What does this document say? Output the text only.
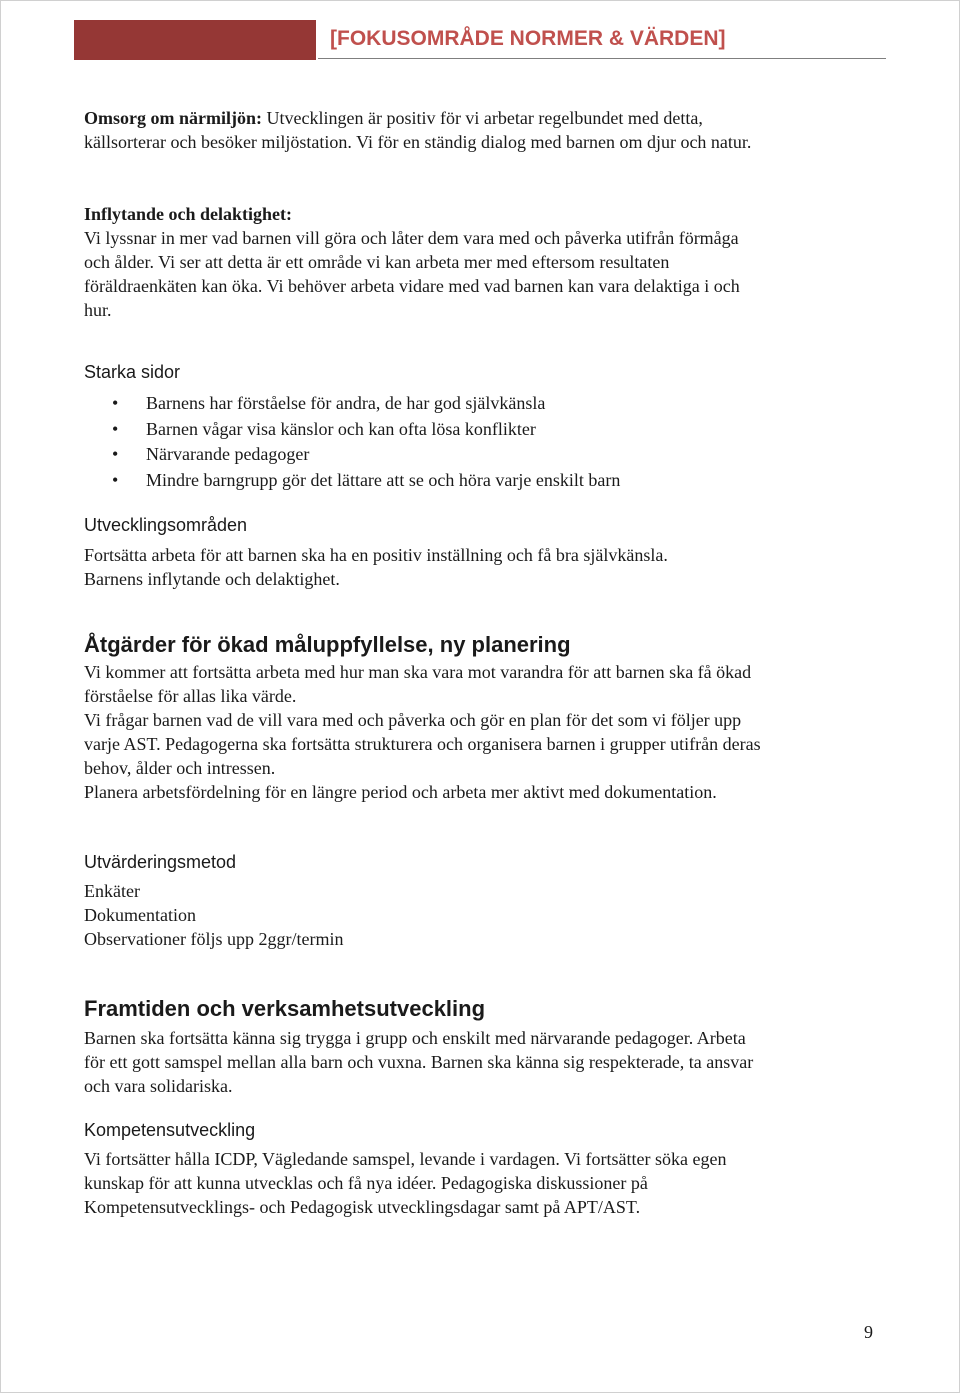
[FOKUSOMRÅDE NORMER & VÄRDEN]

Omsorg om närmiljön: Utvecklingen är positiv för vi arbetar regelbundet med detta,

källsorterar och besöker miljöstation. Vi för en ständig dialog med barnen om djur och natur.

Inflytande och delaktighet:

Vi lyssnar in mer vad barnen vill göra och låter dem vara med och påverka utifrån förmåga

och ålder. Vi ser att detta är ett område vi kan arbeta mer med eftersom resultaten

föräldraenkäten kan öka. Vi behöver arbeta vidare med vad barnen kan vara delaktiga i och

hur.

Starka sidor
• Barnens har förståelse för andra, de har god självkänsla
• Barnen vågar visa känslor och kan ofta lösa konflikter
• Närvarande pedagoger
• Mindre barngrupp gör det lättare att se och höra varje enskilt barn
Utvecklingsområden

Fortsätta arbeta för att barnen ska ha en positiv inställning och få bra självkänsla.

Barnens inflytande och delaktighet.

Åtgärder för ökad måluppfyllelse, ny planering

Vi kommer att fortsätta arbeta med hur man ska vara mot varandra för att barnen ska få ökad

förståelse för allas lika värde.

Vi frågar barnen vad de vill vara med och påverka och gör en plan för det som vi följer upp

varje AST. Pedagogerna ska fortsätta strukturera och organisera barnen i grupper utifrån deras

behov, ålder och intressen.

Planera arbetsfördelning för en längre period och arbeta mer aktivt med dokumentation.

Utvärderingsmetod

Enkäter

Dokumentation

Observationer följs upp 2ggr/termin

Framtiden och verksamhetsutveckling

Barnen ska fortsätta känna sig trygga i grupp och enskilt med närvarande pedagoger. Arbeta

för ett gott samspel mellan alla barn och vuxna. Barnen ska känna sig respekterade, ta ansvar

och vara solidariska.

Kompetensutveckling

Vi fortsätter hålla ICDP, Vägledande samspel, levande i vardagen. Vi fortsätter söka egen

kunskap för att kunna utvecklas och få nya idéer. Pedagogiska diskussioner på

Kompetensutvecklings- och Pedagogisk utvecklingsdagar samt på APT/AST.

9
